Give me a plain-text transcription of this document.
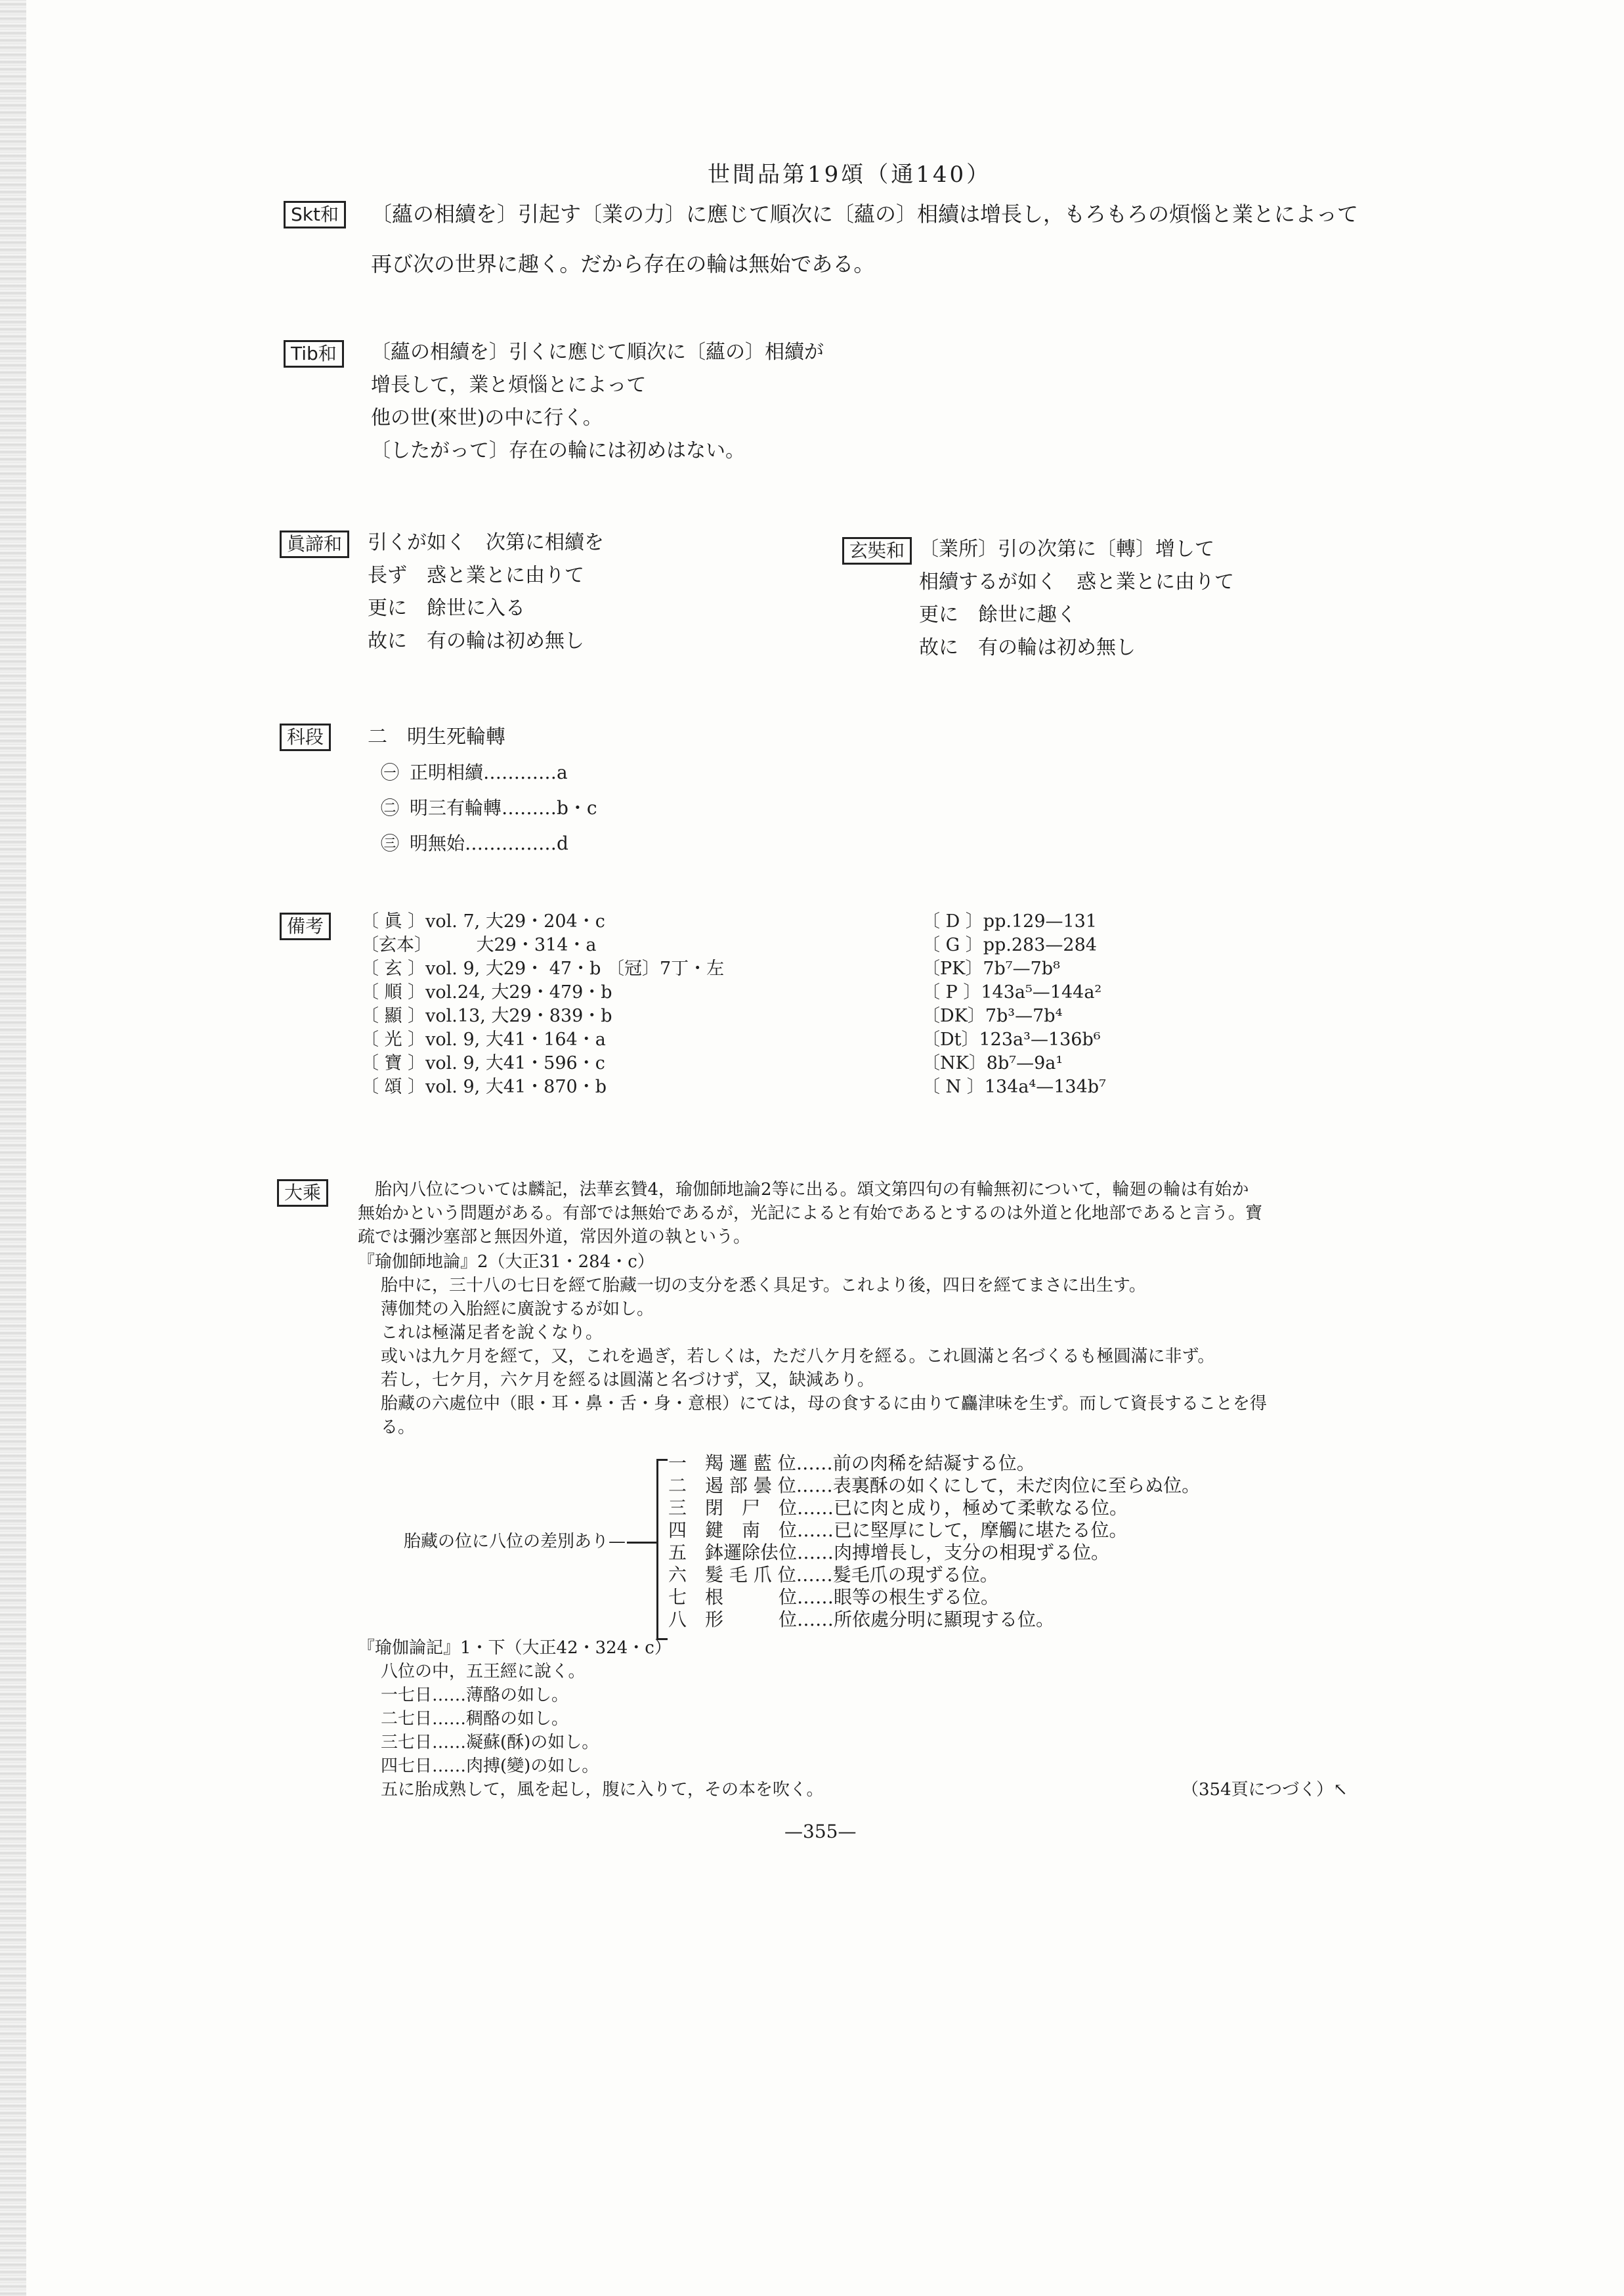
世間品第19頌（通140）
Skt和	〔蘊の相續を〕引起す〔業の力〕に應じて順次に〔蘊の〕相續は增長し，もろもろの煩惱と業とによって
再び次の世界に趣く。だから存在の輪は無始である。
Tib和	〔蘊の相續を〕引くに應じて順次に〔蘊の〕相續が
增長して，業と煩惱とによって
他の世(來世)の中に行く。
〔したがって〕存在の輪には初めはない。
眞諦和	引くが如く　次第に相續を
長ず　惑と業とに由りて
更に　餘世に入る
故に　有の輪は初め無し
玄奘和 〔業所〕引の次第に〔轉〕增して
相續するが如く　惑と業とに由りて
更に　餘世に趣く
故に　有の輪は初め無し
科段	二　明生死輪轉
㊀ 正明相續…………a
㊁ 明三有輪轉………b・c
㊂ 明無始……………d
備考	〔 眞 〕vol. 7, 大29・204・c
〔玄本〕　　　大29・314・a
〔 玄 〕vol. 9, 大29・ 47・b 〔冠〕7丁・左
〔 順 〕vol.24, 大29・479・b
〔 顯 〕vol.13, 大29・839・b
〔 光 〕vol. 9, 大41・164・a
〔 寶 〕vol. 9, 大41・596・c
〔 頌 〕vol. 9, 大41・870・b
〔 D 〕pp.129—131
〔 G 〕pp.283—284
〔PK〕7b⁷—7b⁸
〔 P 〕143a⁵—144a²
〔DK〕7b³—7b⁴
〔Dt〕123a³—136b⁶
〔NK〕8b⁷—9a¹
〔 N 〕134a⁴—134b⁷
大乘	　胎內八位については麟記，法華玄贊4，瑜伽師地論2等に出る。頌文第四句の有輪無初について，輪廻の輪は有始か
無始かという問題がある。有部では無始であるが，光記によると有始であるとするのは外道と化地部であると言う。寶
疏では彌沙塞部と無因外道，常因外道の執という。
『瑜伽師地論』2（大正31・284・c）
胎中に，三十八の七日を經て胎藏一切の支分を悉く具足す。これより後，四日を經てまさに出生す。
薄伽梵の入胎經に廣說するが如し。
これは極滿足者を說くなり。
或いは九ケ月を經て，又，これを過ぎ，若しくは，ただ八ケ月を經る。これ圓滿と名づくるも極圓滿に非ず。
若し，七ケ月，六ケ月を經るは圓滿と名づけず，又，缺減あり。
胎藏の六處位中（眼・耳・鼻・舌・身・意根）にては，母の食するに由りて麤津味を生ず。而して資長することを得
る。
胎藏の位に八位の差別あり—
一　羯 邏 藍 位……前の肉稀を結凝する位。
二　遏 部 曇 位……表裏酥の如くにして，未だ肉位に至らぬ位。
三　閉　尸　位……已に肉と成り，極めて柔軟なる位。
四　鍵　南　位……已に堅厚にして，摩觸に堪たる位。
五　鉢邏除佉位……肉搏增長し，支分の相現ずる位。
六　髮 毛 爪 位……髮毛爪の現ずる位。
七　根　　　位……眼等の根生ずる位。
八　形　　　位……所依處分明に顯現する位。
『瑜伽論記』1・下（大正42・324・c）
八位の中，五王經に說く。
一七日……薄酪の如し。
二七日……稠酪の如し。
三七日……凝蘇(酥)の如し。
四七日……肉搏(變)の如し。
五に胎成熟して，風を起し，腹に入りて，その本を吹く。	（354頁につづく）↖
—355—
